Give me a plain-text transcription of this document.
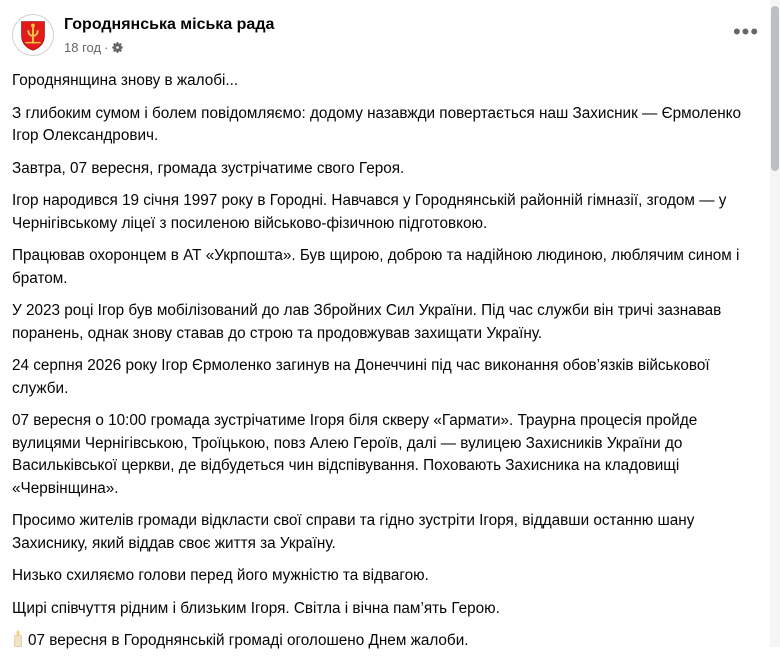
Городнянська міська рада
18 год ·
•••

Городнянщина знову в жалобі...

З глибоким сумом і болем повідомляємо: додому назавжди повертається наш Захисник — Єрмоленко Ігор Олександрович.

Завтра, 07 вересня, громада зустрічатиме свого Героя.

Ігор народився 19 січня 1997 року в Городні. Навчався у Городнянській районній гімназії, згодом — у Чернігівському ліцеї з посиленою військово-фізичною підготовкою.

Працював охоронцем в АТ «Укрпошта». Був щирою, доброю та надійною людиною, люблячим сином і братом.

У 2023 році Ігор був мобілізований до лав Збройних Сил України. Під час служби він тричі зазнавав поранень, однак знову ставав до строю та продовжував захищати Україну.

24 серпня 2026 року Ігор Єрмоленко загинув на Донеччині під час виконання обов’язків військової служби.

07 вересня о 10:00 громада зустрічатиме Ігоря біля скверу «Гармати». Траурна процесія пройде вулицями Чернігівською, Троїцькою, повз Алею Героїв, далі — вулицею Захисників України до Васильківської церкви, де відбудеться чин відспівування. Поховають Захисника на кладовищі «Червінщина».

Просимо жителів громади відкласти свої справи та гідно зустріти Ігоря, віддавши останню шану Захиснику, який віддав своє життя за Україну.

Низько схиляємо голови перед його мужністю та відвагою.

Щирі співчуття рідним і близьким Ігоря. Світла і вічна пам’ять Герою.

07 вересня в Городнянській громаді оголошено Днем жалоби.
